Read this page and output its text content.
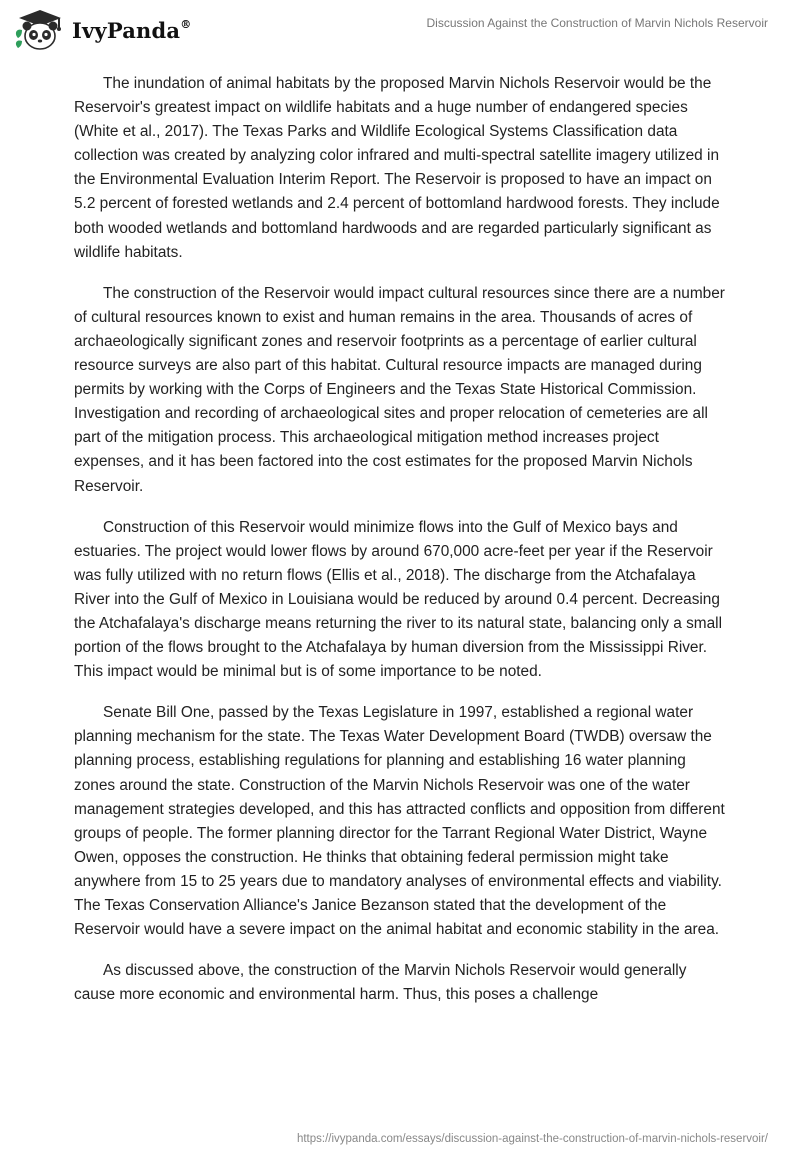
IvyPanda®	Discussion Against the Construction of Marvin Nichols Reservoir

The inundation of animal habitats by the proposed Marvin Nichols Reservoir would be the Reservoir's greatest impact on wildlife habitats and a huge number of endangered species (White et al., 2017). The Texas Parks and Wildlife Ecological Systems Classification data collection was created by analyzing color infrared and multi-spectral satellite imagery utilized in the Environmental Evaluation Interim Report. The Reservoir is proposed to have an impact on 5.2 percent of forested wetlands and 2.4 percent of bottomland hardwood forests. They include both wooded wetlands and bottomland hardwoods and are regarded particularly significant as wildlife habitats.

The construction of the Reservoir would impact cultural resources since there are a number of cultural resources known to exist and human remains in the area. Thousands of acres of archaeologically significant zones and reservoir footprints as a percentage of earlier cultural resource surveys are also part of this habitat. Cultural resource impacts are managed during permits by working with the Corps of Engineers and the Texas State Historical Commission. Investigation and recording of archaeological sites and proper relocation of cemeteries are all part of the mitigation process. This archaeological mitigation method increases project expenses, and it has been factored into the cost estimates for the proposed Marvin Nichols Reservoir.

Construction of this Reservoir would minimize flows into the Gulf of Mexico bays and estuaries. The project would lower flows by around 670,000 acre-feet per year if the Reservoir was fully utilized with no return flows (Ellis et al., 2018). The discharge from the Atchafalaya River into the Gulf of Mexico in Louisiana would be reduced by around 0.4 percent. Decreasing the Atchafalaya's discharge means returning the river to its natural state, balancing only a small portion of the flows brought to the Atchafalaya by human diversion from the Mississippi River. This impact would be minimal but is of some importance to be noted.

Senate Bill One, passed by the Texas Legislature in 1997, established a regional water planning mechanism for the state. The Texas Water Development Board (TWDB) oversaw the planning process, establishing regulations for planning and establishing 16 water planning zones around the state. Construction of the Marvin Nichols Reservoir was one of the water management strategies developed, and this has attracted conflicts and opposition from different groups of people. The former planning director for the Tarrant Regional Water District, Wayne Owen, opposes the construction. He thinks that obtaining federal permission might take anywhere from 15 to 25 years due to mandatory analyses of environmental effects and viability. The Texas Conservation Alliance's Janice Bezanson stated that the development of the Reservoir would have a severe impact on the animal habitat and economic stability in the area.

As discussed above, the construction of the Marvin Nichols Reservoir would generally cause more economic and environmental harm. Thus, this poses a challenge

https://ivypanda.com/essays/discussion-against-the-construction-of-marvin-nichols-reservoir/
